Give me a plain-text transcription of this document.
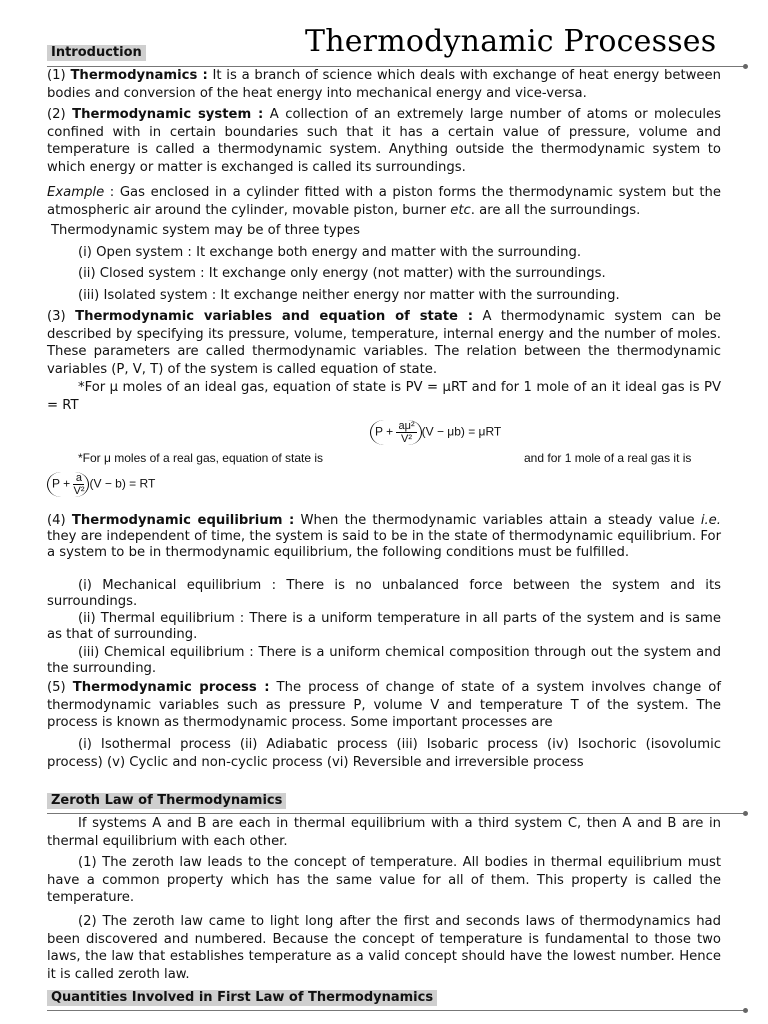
Thermodynamic Processes
Introduction

(1) Thermodynamics : It is a branch of science which deals with exchange of heat energy between bodies and conversion of the heat energy into mechanical energy and vice-versa.

(2) Thermodynamic system : A collection of an extremely large number of atoms or molecules confined with in certain boundaries such that it has a certain value of pressure, volume and temperature is called a thermodynamic system. Anything outside the thermodynamic system to which energy or matter is exchanged is called its surroundings.

Example : Gas enclosed in a cylinder fitted with a piston forms the thermodynamic system but the atmospheric air around the cylinder, movable piston, burner etc. are all the surroundings.

Thermodynamic system may be of three types

(i) Open system : It exchange both energy and matter with the surrounding.

(ii) Closed system : It exchange only energy (not matter) with the surroundings.

(iii) Isolated system : It exchange neither energy nor matter with the surrounding.

(3) Thermodynamic variables and equation of state : A thermodynamic system can be described by specifying its pressure, volume, temperature, internal energy and the number of moles. These parameters are called thermodynamic variables. The relation between the thermodynamic variables (P, V, T) of the system is called equation of state.

*For μ moles of an ideal gas, equation of state is PV = μRT and for 1 mole of an it ideal gas is PV = RT

$P + \frac{\text{aμ²}}{\text{V²}} (V - \mu b) = \mu RT$
*For μ moles of a real gas, equation of state is	and for 1 mole of a real gas it is
$P + \frac{a}{\text{V²}} (V - b)$ = RT

(4) Thermodynamic equilibrium : When the thermodynamic variables attain a steady value i.e. they are independent of time, the system is said to be in the state of thermodynamic equilibrium. For a system to be in thermodynamic equilibrium, the following conditions must be fulfilled.

(i) Mechanical equilibrium : There is no unbalanced force between the system and its surroundings.

(ii) Thermal equilibrium : There is a uniform temperature in all parts of the system and is same as that of surrounding.

(iii) Chemical equilibrium : There is a uniform chemical composition through out the system and the surrounding.

(5) Thermodynamic process : The process of change of state of a system involves change of thermodynamic variables such as pressure P, volume V and temperature T of the system. The process is known as thermodynamic process. Some important processes are

(i) Isothermal process (ii) Adiabatic process (iii) Isobaric process (iv) Isochoric (isovolumic process) (v) Cyclic and non-cyclic process (vi) Reversible and irreversible process

Zeroth Law of Thermodynamics

If systems A and B are each in thermal equilibrium with a third system C, then A and B are in thermal equilibrium with each other.

(1) The zeroth law leads to the concept of temperature. All bodies in thermal equilibrium must have a common property which has the same value for all of them. This property is called the temperature.

(2) The zeroth law came to light long after the first and seconds laws of thermodynamics had been discovered and numbered. Because the concept of temperature is fundamental to those two laws, the law that establishes temperature as a valid concept should have the lowest number. Hence it is called zeroth law.

Quantities Involved in First Law of Thermodynamics
